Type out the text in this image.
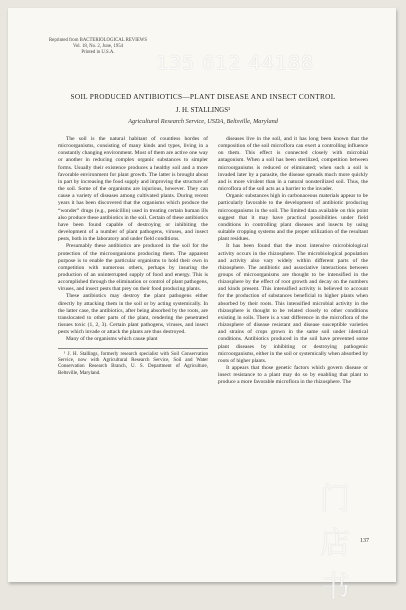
Reprinted from BACTERIOLOGICAL REVIEWS
Vol. 18, No. 2, June, 1954
Printed in U.S.A.	135 612 44188
SOIL PRODUCED ANTIBIOTICS—PLANT DISEASE AND INSECT CONTROL
J. H. STALLINGS¹
Agricultural Research Service, USDA, Beltsville, Maryland

The soil is the natural habitant of countless hordes of microorganisms, consisting of many kinds and types, living in a constantly changing environment. Most of them are active one way or another in reducing complex organic substances to simpler forms. Usually their existence produces a healthy soil and a more favorable environment for plant growth. The latter is brought about in part by increasing the food supply and improving the structure of the soil. Some of the organisms are injurious, however. They can cause a variety of diseases among cultivated plants. During recent years it has been discovered that the organisms which produce the “wonder” drugs (e.g., penicillin) used in treating certain human ills also produce these antibiotics in the soil. Certain of these antibiotics have been found capable of destroying or inhibiting the development of a number of plant pathogens, viruses, and insect pests, both in the laboratory and under field conditions.

Presumably these antibiotics are produced in the soil for the protection of the microorganisms producing them. The apparent purpose is to enable the particular organisms to hold their own in competition with numerous others, perhaps by insuring the production of an uninterrupted supply of food and energy. This is accomplished through the elimination or control of plant pathogens, viruses, and insect pests that prey on their food producing plants.

These antibiotics may destroy the plant pathogens either directly by attacking them in the soil or by acting systemically. In the latter case, the antibiotics, after being absorbed by the roots, are translocated to other parts of the plant, rendering the penetrated tissues toxic (1, 2, 3). Certain plant pathogens, viruses, and insect pests which invade or attack the plants are thus destroyed.

Many of the organisms which cause plant

¹ J. H. Stallings, formerly research specialist with Soil Conservation Service, now with Agricultural Research Service, Soil and Water Conservation Research Branch, U. S. Department of Agriculture, Beltsville, Maryland.

diseases live in the soil, and it has long been known that the composition of the soil microflora can exert a controlling influence on them. This effect is connected closely with microbial antagonism. When a soil has been sterilized, competition between microorganisms is reduced or eliminated; when such a soil is invaded later by a parasite, the disease spreads much more quickly and is more virulent than in a natural nonsterilized soil. Thus, the microflora of the soil acts as a barrier to the invader.

Organic substances high in carbonaceous materials appear to be particularly favorable to the development of antibiotic producing microorganisms in the soil. The limited data available on this point suggest that it may have practical possibilities under field conditions in controlling plant diseases and insects by using suitable cropping systems and the proper utilization of the resultant plant residues.

It has been found that the most intensive microbiological activity occurs in the rhizosphere. The microbiological population and activity also vary widely within different parts of the rhizosphere. The antibiotic and associative interactions between groups of microorganisms are thought to be intensified in the rhizosphere by the effect of root growth and decay on the numbers and kinds present. This intensified activity is believed to account for the production of substances beneficial to higher plants when absorbed by their roots. This intensified microbial activity in the rhizosphere is thought to be related closely to other conditions existing in soils. There is a vast difference in the microflora of the rhizosphere of disease resistant and disease susceptible varieties and strains of crops grown in the same soil under identical conditions. Antibiotics produced in the soil have prevented some plant diseases by inhibiting or destroying pathogenic microorganisms, either in the soil or systemically when absorbed by roots of higher plants.

It appears that those genetic factors which govern disease or insect resistance to a plant may do so by enabling that plant to produce a more favorable microflora in the rhizosphere. The

137
门店书
